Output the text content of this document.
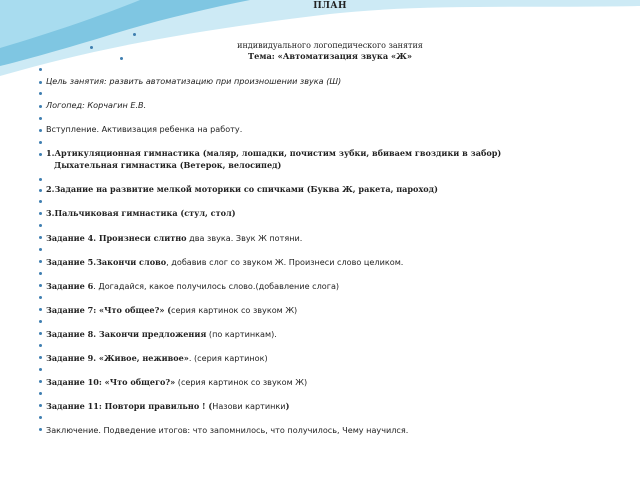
ПЛАН
индивидуального логопедического занятия
Тема: «Автоматизация звука «Ж»
Цель занятия: развить автоматизацию при произношении звука (Ш)
Логопед: Корчагин Е.В.
Вступление. Активизация ребенка на работу.
1.Артикуляционная гимнастика (маляр, лошадки, почистим зубки, вбиваем гвоздики в забор)
Дыхательная гимнастика (Ветерок, велосипед)
2.Задание на развитие мелкой моторики со спичками (Буква Ж, ракета, пароход)
3.Пальчиковая гимнастика (стул, стол)
Задание 4. Произнеси слитно два звука. Звук Ж потяни.
Задание 5.Закончи слово, добавив слог со звуком Ж. Произнеси слово целиком.
Задание 6. Догадайся, какое получилось слово.(добавление слога)
Задание 7: «Что общее?» (серия картинок со звуком Ж)
Задание 8. Закончи предложения (по картинкам).
Задание 9. «Живое, неживое». (серия картинок)
Задание 10: «Что общего?» (серия картинок со звуком Ж)
Задание 11: Повтори правильно ! (Назови картинки)
Заключение. Подведение итогов: что запомнилось, что получилось, Чему научился.
